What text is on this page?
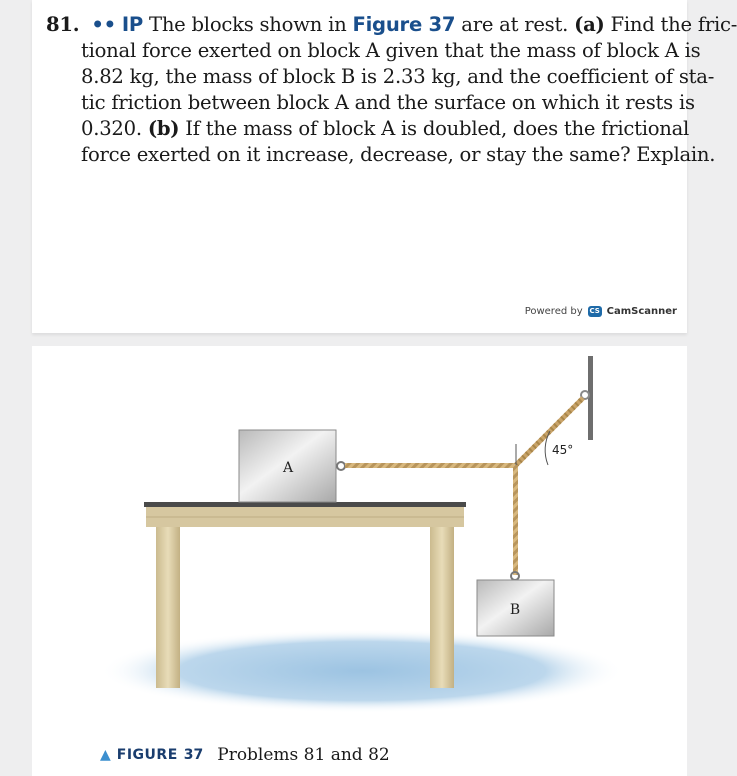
81. •• IP The blocks shown in Figure 37 are at rest. (a) Find the fric-
tional force exerted on block A given that the mass of block A is
8.82 kg, the mass of block B is 2.33 kg, and the coefficient of sta-
tic friction between block A and the surface on which it rests is
0.320. (b) If the mass of block A is doubled, does the frictional
force exerted on it increase, decrease, or stay the same? Explain.
Powered by CS CamScanner
A
45°
B
▲ FIGURE 37 Problems 81 and 82
